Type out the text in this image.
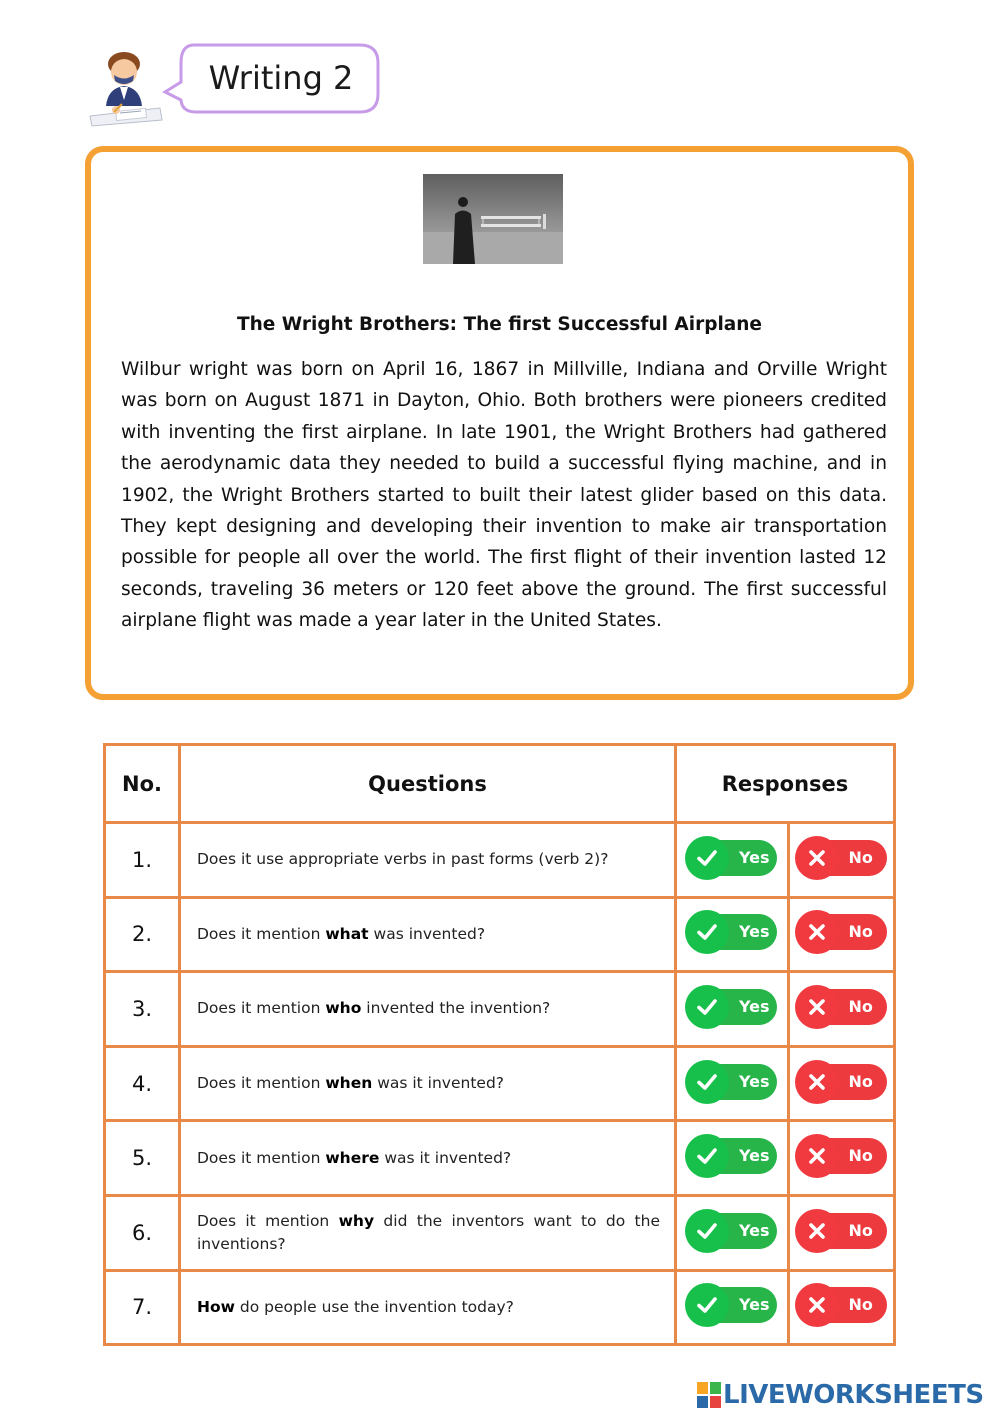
Writing 2
The Wright Brothers: The first Successful Airplane
Wilbur wright was born on April 16, 1867 in Millville, Indiana and Orville Wright was born on August 1871 in Dayton, Ohio. Both brothers were pioneers credited with inventing the first airplane. In late 1901, the Wright Brothers had gathered the aerodynamic data they needed to build a successful flying machine, and in 1902, the Wright Brothers started to built their latest glider based on this data. They kept designing and developing their invention to make air transportation possible for people all over the world. The first flight of their invention lasted 12 seconds, traveling 36 meters or 120 feet above the ground. The first successful airplane flight was made a year later in the United States.
No.	Questions	Responses	
1.	Does it use appropriate verbs in past forms (verb 2)?	Yes	No

2.	Does it mention what was invented?	Yes	No

3.	Does it mention who invented the invention?	Yes	No

4.	Does it mention when was it invented?	Yes	No

5.	Does it mention where was it invented?	Yes	No

6.	Does it mention why did the inventors want to do the inventions?	Yes	No

7.	How do people use the invention today?	Yes	No
LIVEWORKSHEETS
